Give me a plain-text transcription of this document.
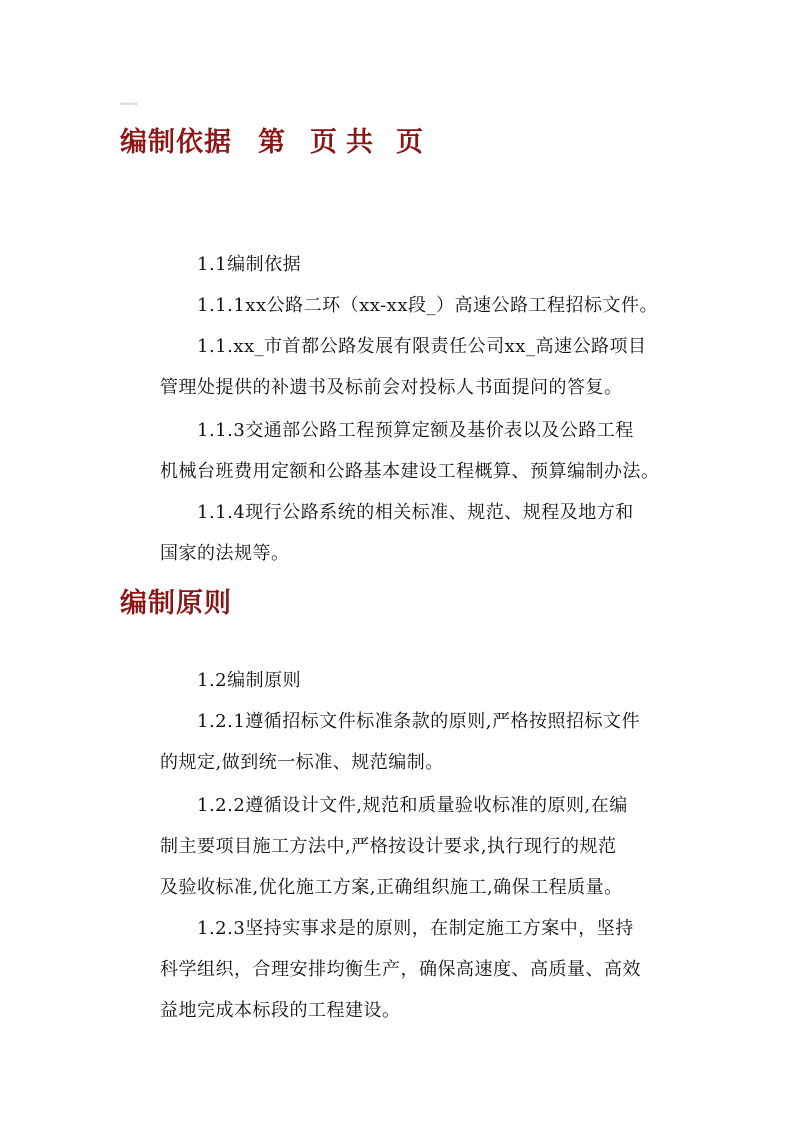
xx-xx-xx
编制依据 第 页 共 页
1.1编制依据
1.1.1xx公路二环（xx-xx段_）高速公路工程招标文件。
1.1.xx_市首都公路发展有限责任公司xx_高速公路项目
管理处提供的补遗书及标前会对投标人书面提问的答复。
1.1.3交通部公路工程预算定额及基价表以及公路工程
机械台班费用定额和公路基本建设工程概算、预算编制办法。
1.1.4现行公路系统的相关标准、规范、规程及地方和
国家的法规等。
编制原则
1.2编制原则
1.2.1遵循招标文件标准条款的原则,严格按照招标文件
的规定,做到统一标准、规范编制。
1.2.2遵循设计文件,规范和质量验收标准的原则,在编
制主要项目施工方法中,严格按设计要求,执行现行的规范
及验收标准,优化施工方案,正确组织施工,确保工程质量。
1.2.3坚持实事求是的原则，在制定施工方案中，坚持
科学组织，合理安排均衡生产，确保高速度、高质量、高效
益地完成本标段的工程建设。
